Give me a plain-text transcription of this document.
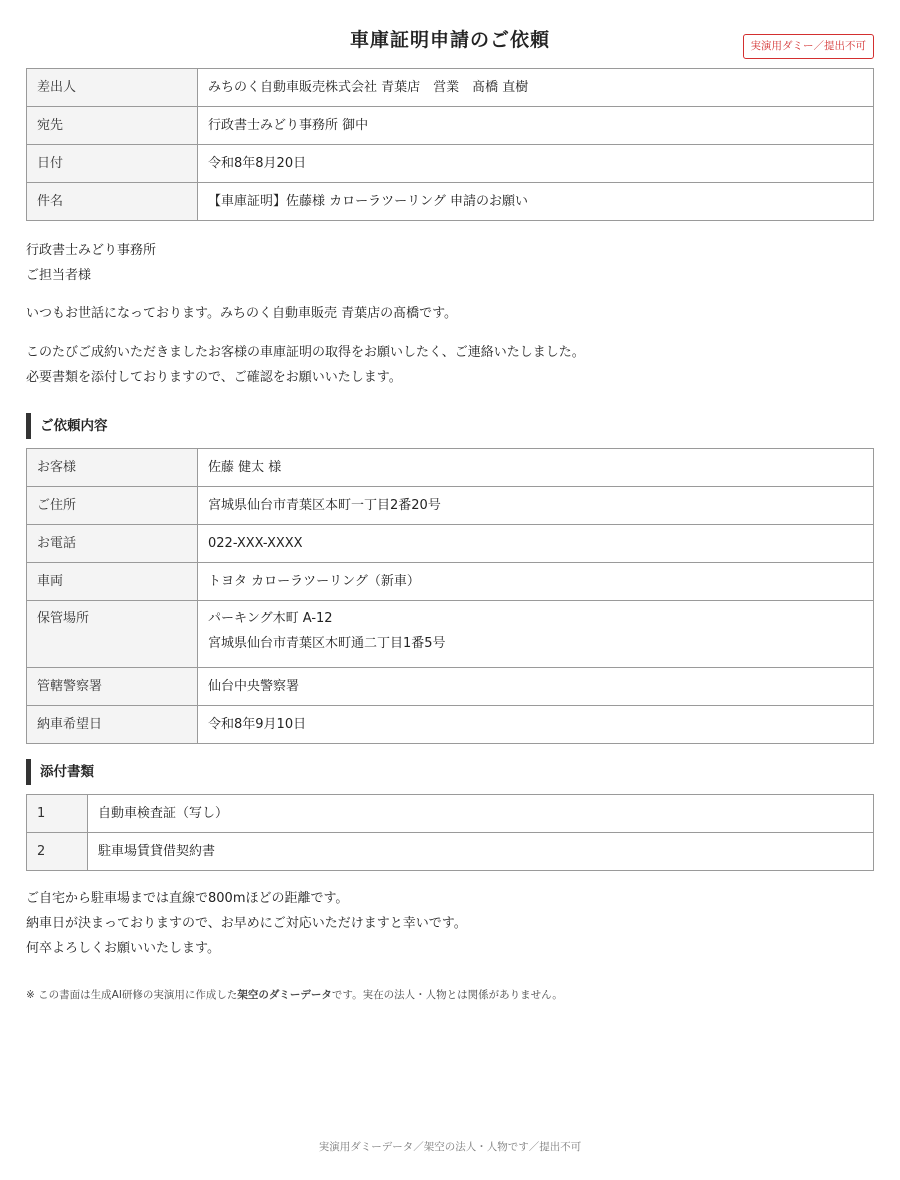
車庫証明申請のご依頼	実演用ダミー／提出不可
差出人	みちのく自動車販売株式会社 青葉店　営業　髙橋 直樹
宛先	行政書士みどり事務所 御中
日付	令和8年8月20日
件名	【車庫証明】佐藤様 カローラツーリング 申請のお願い
行政書士みどり事務所
ご担当者様
いつもお世話になっております。みちのく自動車販売 青葉店の髙橋です。
このたびご成約いただきましたお客様の車庫証明の取得をお願いしたく、ご連絡いたしました。
必要書類を添付しておりますので、ご確認をお願いいたします。
ご依頼内容
お客様	佐藤 健太 様
ご住所	宮城県仙台市青葉区本町一丁目2番20号
お電話	022-XXX-XXXX
車両	トヨタ カローラツーリング（新車）
保管場所	パーキング木町 A-12
宮城県仙台市青葉区木町通二丁目1番5号

管轄警察署	仙台中央警察署
納車希望日	令和8年9月10日
添付書類
1	自動車検査証（写し）
2	駐車場賃貸借契約書
ご自宅から駐車場までは直線で800mほどの距離です。
納車日が決まっておりますので、お早めにご対応いただけますと幸いです。
何卒よろしくお願いいたします。
※ この書面は生成AI研修の実演用に作成した架空のダミーデータです。実在の法人・人物とは関係がありません。
実演用ダミーデータ／架空の法人・人物です／提出不可
